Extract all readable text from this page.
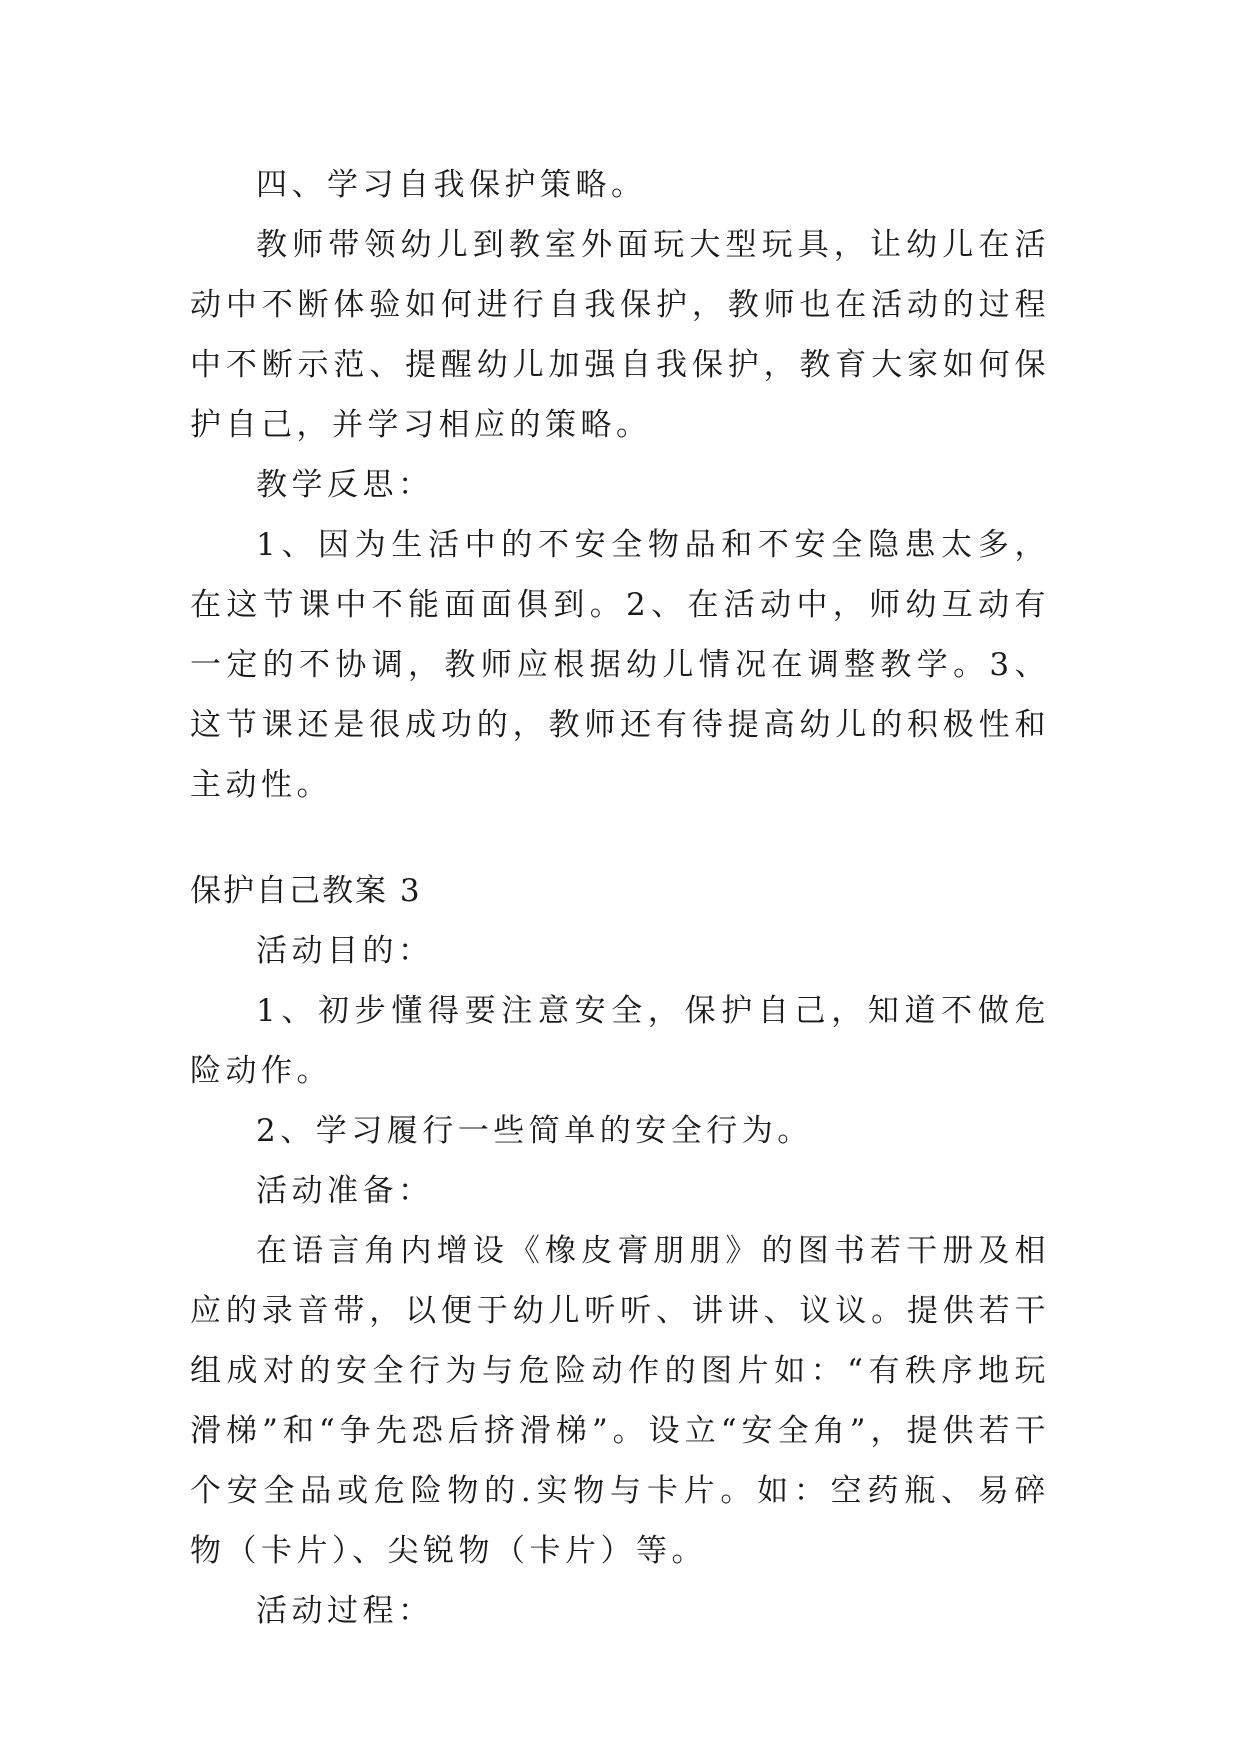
四、学习自我保护策略。

教师带领幼儿到教室外面玩大型玩具，让幼儿在活动中不断体验如何进行自我保护，教师也在活动的过程中不断示范、提醒幼儿加强自我保护，教育大家如何保护自己，并学习相应的策略。

教学反思：

1、因为生活中的不安全物品和不安全隐患太多，在这节课中不能面面俱到。2、在活动中，师幼互动有一定的不协调，教师应根据幼儿情况在调整教学。3、这节课还是很成功的，教师还有待提高幼儿的积极性和主动性。

保护自己教案 3

活动目的：

1、初步懂得要注意安全，保护自己，知道不做危险动作。

2、学习履行一些简单的安全行为。

活动准备：

在语言角内增设《橡皮膏朋朋》的图书若干册及相应的录音带，以便于幼儿听听、讲讲、议议。提供若干组成对的安全行为与危险动作的图片如：“有秩序地玩滑梯”和“争先恐后挤滑梯”。设立“安全角”，提供若干个安全品或危险物的.实物与卡片。如：空药瓶、易碎物（卡片）、尖锐物（卡片）等。

活动过程：
